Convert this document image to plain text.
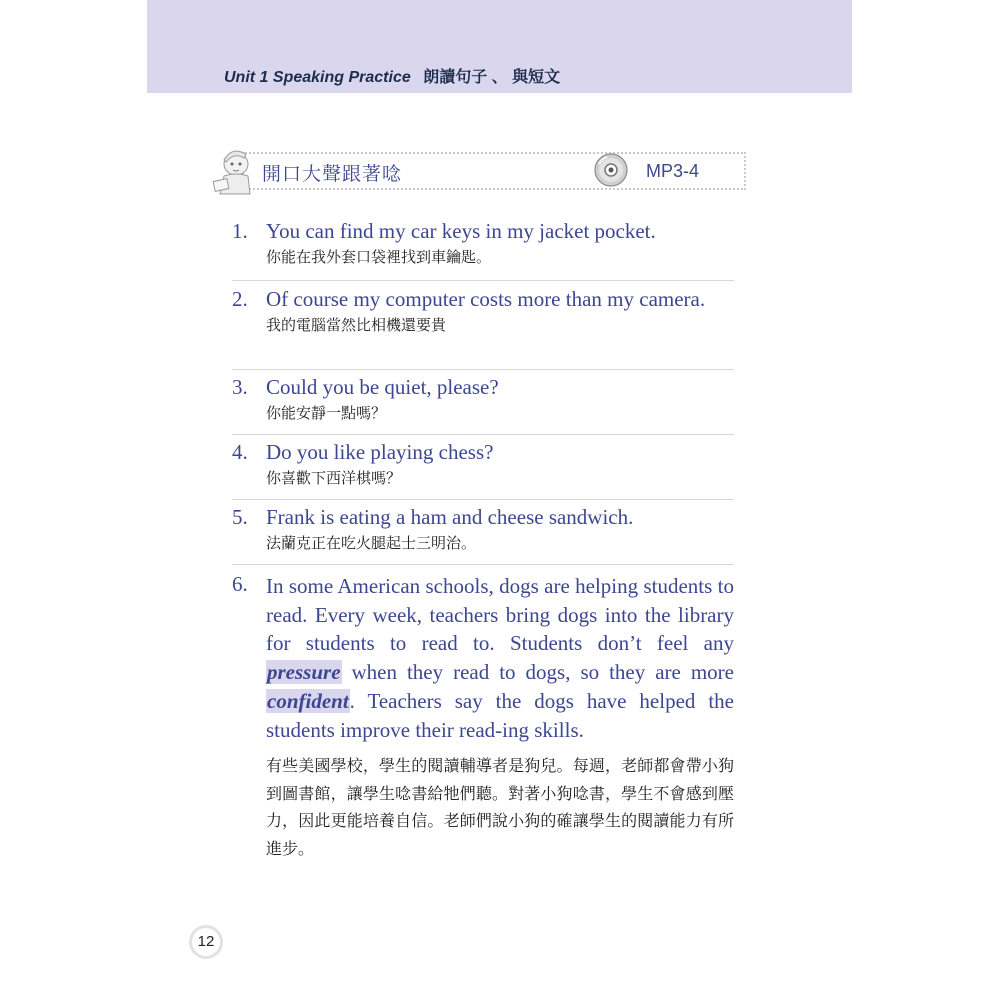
Unit 1 Speaking Practice 朗讀句子 、 與短文
開口大聲跟著唸	MP3-4
1. You can find my car keys in my jacket pocket.
你能在我外套口袋裡找到車鑰匙。
2. Of course my computer costs more than my camera.
我的電腦當然比相機還要貴
3. Could you be quiet, please?
你能安靜一點嗎？
4. Do you like playing chess?
你喜歡下西洋棋嗎？
5. Frank is eating a ham and cheese sandwich.
法蘭克正在吃火腿起士三明治。
6. In some American schools, dogs are helping students to read. Every week, teachers bring dogs into the library for students to read to. Students don’t feel any pressure when they read to dogs, so they are more confident. Teachers say the dogs have helped the students improve their read-ing skills.
有些美國學校，學生的閱讀輔導者是狗兒。每週，老師都會帶小狗到圖書館，讓學生唸書給牠們聽。對著小狗唸書，學生不會感到壓力，因此更能培養自信。老師們說小狗的確讓學生的閱讀能力有所進步。
12
